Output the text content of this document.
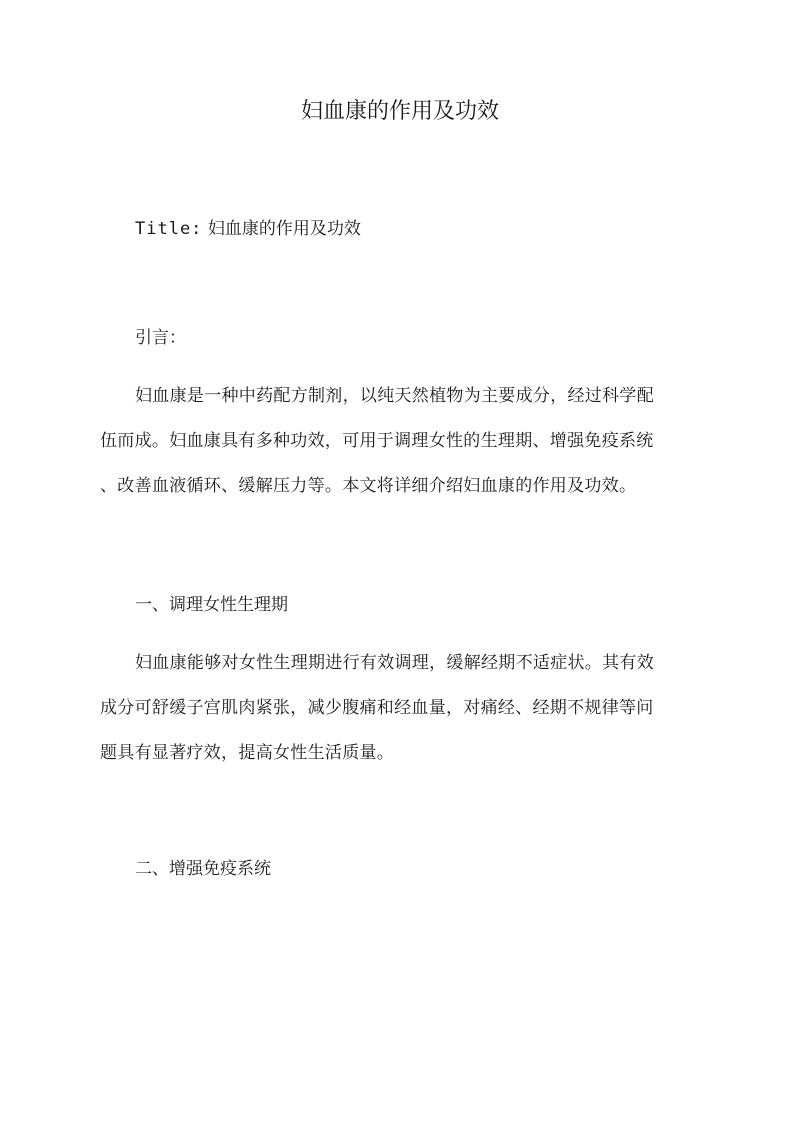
妇血康的作用及功效
Title: 妇血康的作用及功效
引言：
妇血康是一种中药配方制剂，以纯天然植物为主要成分，经过科学配
伍而成。妇血康具有多种功效，可用于调理女性的生理期、增强免疫系统
、改善血液循环、缓解压力等。本文将详细介绍妇血康的作用及功效。
一、调理女性生理期
妇血康能够对女性生理期进行有效调理，缓解经期不适症状。其有效
成分可舒缓子宫肌肉紧张，减少腹痛和经血量，对痛经、经期不规律等问
题具有显著疗效，提高女性生活质量。
二、增强免疫系统
